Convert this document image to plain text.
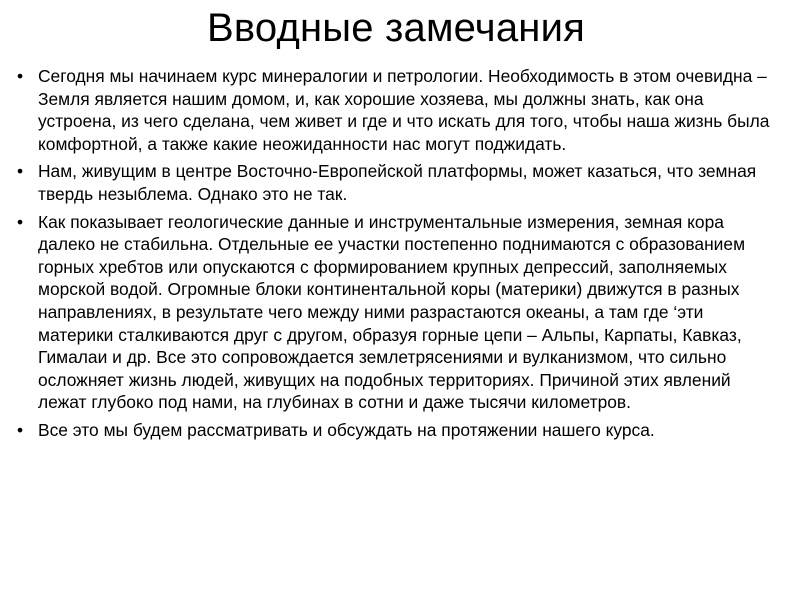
Вводные замечания
• Сегодня мы начинаем курс минералогии и петрологии. Необходимость в этом очевидна – Земля является нашим домом, и, как хорошие хозяева, мы должны знать, как она устроена, из чего сделана, чем живет и где и что искать для того, чтобы наша жизнь была комфортной, а также какие неожиданности нас могут поджидать.
• Нам, живущим в центре Восточно-Европейской платформы, может казаться, что земная твердь незыблема. Однако это не так.
• Как показывает геологические данные и инструментальные измерения, земная кора далеко не стабильна. Отдельные ее участки постепенно поднимаются с образованием горных хребтов или опускаются с формированием крупных депрессий, заполняемых морской водой. Огромные блоки континентальной коры (материки) движутся в разных направлениях, в результате чего между ними разрастаются океаны, а там где ‘эти материки сталкиваются друг с другом, образуя горные цепи – Альпы, Карпаты, Кавказ, Гималаи и др. Все это сопровождается землетрясениями и вулканизмом, что сильно осложняет жизнь людей, живущих на подобных территориях. Причиной этих явлений лежат глубоко под нами, на глубинах в сотни и даже тысячи километров.
• Все это мы будем рассматривать и обсуждать на протяжении нашего курса.
